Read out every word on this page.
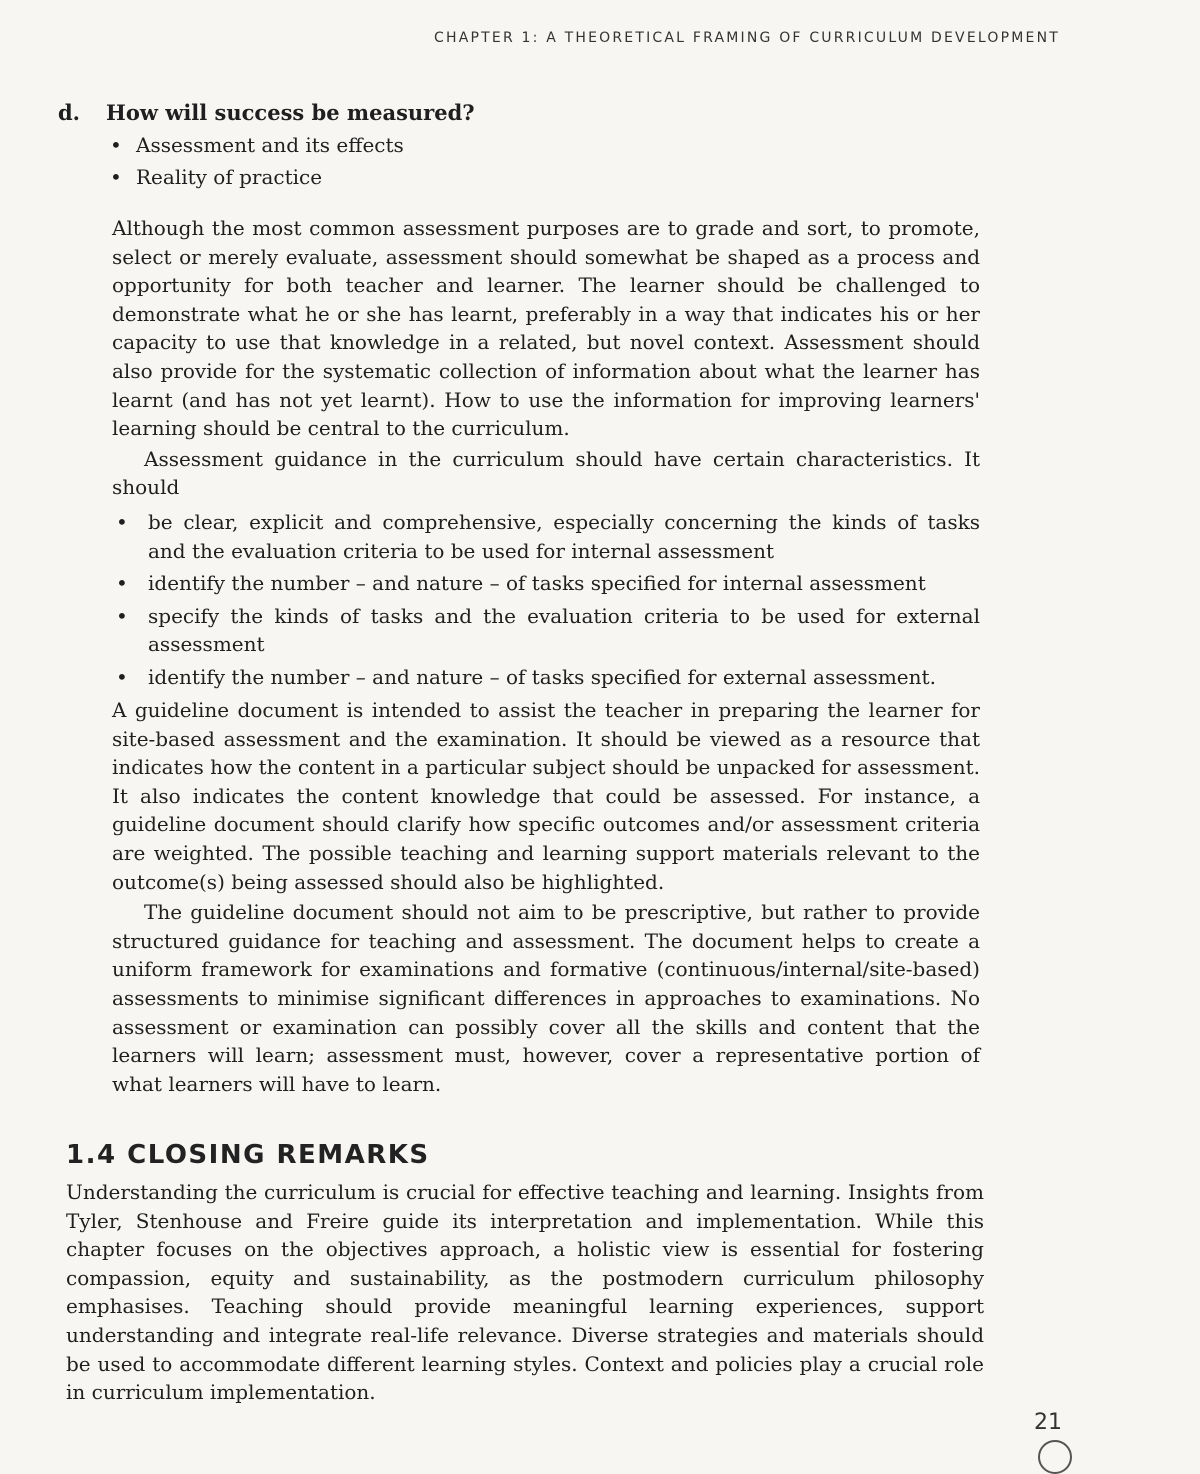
CHAPTER 1: A THEORETICAL FRAMING OF CURRICULUM DEVELOPMENT
d.	How will success be measured?
• Assessment and its effects
• Reality of practice

Although the most common assessment purposes are to grade and sort, to promote, select or merely evaluate, assessment should somewhat be shaped as a process and opportunity for both teacher and learner. The learner should be challenged to demonstrate what he or she has learnt, preferably in a way that indicates his or her capacity to use that knowledge in a related, but novel context. Assessment should also provide for the systematic collection of information about what the learner has learnt (and has not yet learnt). How to use the information for improving learners' learning should be central to the curriculum.

Assessment guidance in the curriculum should have certain characteristics. It should

• be clear, explicit and comprehensive, especially concerning the kinds of tasks and the evaluation criteria to be used for internal assessment
• identify the number – and nature – of tasks specified for internal assessment
• specify the kinds of tasks and the evaluation criteria to be used for external assessment
• identify the number – and nature – of tasks specified for external assessment.

A guideline document is intended to assist the teacher in preparing the learner for site-based assessment and the examination. It should be viewed as a resource that indicates how the content in a particular subject should be unpacked for assessment. It also indicates the content knowledge that could be assessed. For instance, a guideline document should clarify how specific outcomes and/or assessment criteria are weighted. The possible teaching and learning support materials relevant to the outcome(s) being assessed should also be highlighted.

The guideline document should not aim to be prescriptive, but rather to provide structured guidance for teaching and assessment. The document helps to create a uniform framework for examinations and formative (continuous/internal/site-based) assessments to minimise significant differences in approaches to examinations. No assessment or examination can possibly cover all the skills and content that the learners will learn; assessment must, however, cover a representative portion of what learners will have to learn.

1.4 CLOSING REMARKS

Understanding the curriculum is crucial for effective teaching and learning. Insights from Tyler, Stenhouse and Freire guide its interpretation and implementation. While this chapter focuses on the objectives approach, a holistic view is essential for fostering compassion, equity and sustainability, as the postmodern curriculum philosophy emphasises. Teaching should provide meaningful learning experiences, support understanding and integrate real-life relevance. Diverse strategies and materials should be used to accommodate different learning styles. Context and policies play a crucial role in curriculum implementation.

21
